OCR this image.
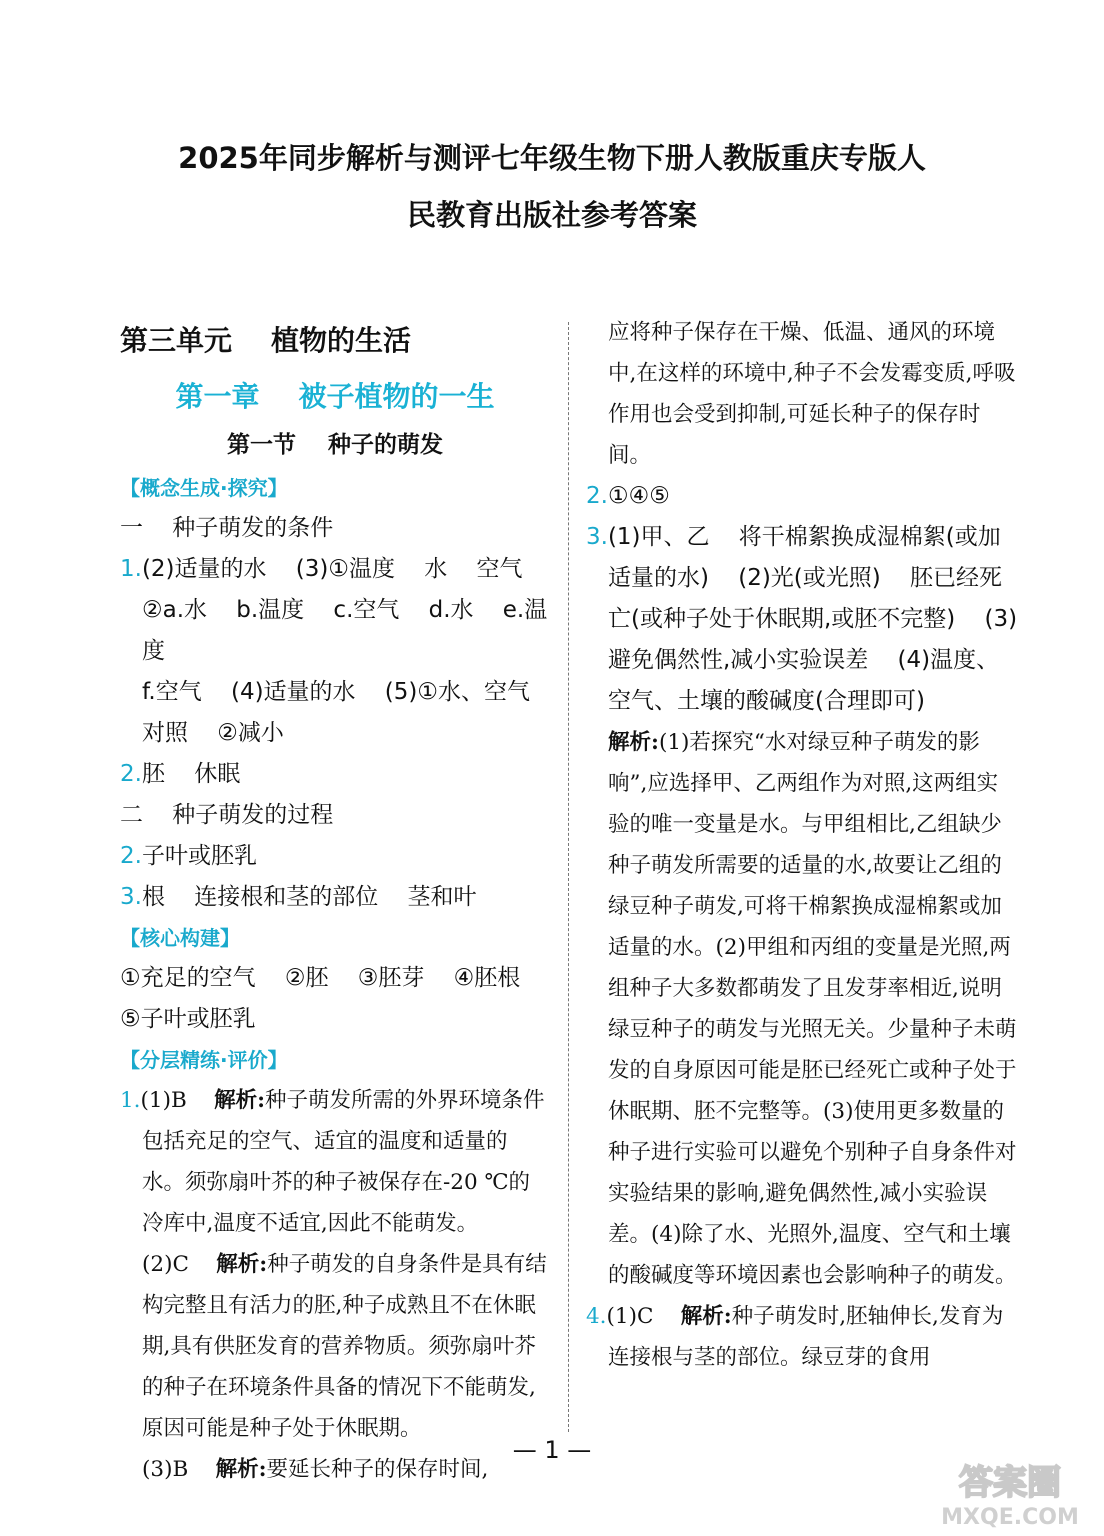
2025年同步解析与测评七年级生物下册人教版重庆专版人
民教育出版社参考答案
第三单元    植物的生活
第一章    被子植物的一生
第一节    种子的萌发
【概念生成·探究】
一    种子萌发的条件
1.(2)适量的水    (3)①温度    水    空气
②a.水    b.温度    c.空气    d.水    e.温度
f.空气    (4)适量的水    (5)①水、空气
对照    ②减小
2.胚    休眠
二    种子萌发的过程
2.子叶或胚乳
3.根    连接根和茎的部位    茎和叶
【核心构建】
①充足的空气    ②胚    ③胚芽    ④胚根
⑤子叶或胚乳
【分层精练·评价】
1.(1)B    解析:种子萌发所需的外界环境条件包括充足的空气、适宜的温度和适量的水。须弥扇叶芥的种子被保存在-20 ℃的冷库中,温度不适宜,因此不能萌发。
(2)C    解析:种子萌发的自身条件是具有结构完整且有活力的胚,种子成熟且不在休眠期,具有供胚发育的营养物质。须弥扇叶芥的种子在环境条件具备的情况下不能萌发,原因可能是种子处于休眠期。
(3)B    解析:要延长种子的保存时间,
应将种子保存在干燥、低温、通风的环境中,在这样的环境中,种子不会发霉变质,呼吸作用也会受到抑制,可延长种子的保存时间。
2.①④⑤
3.(1)甲、乙    将干棉絮换成湿棉絮(或加适量的水)    (2)光(或光照)    胚已经死亡(或种子处于休眠期,或胚不完整)    (3)避免偶然性,减小实验误差    (4)温度、空气、土壤的酸碱度(合理即可)
解析:(1)若探究“水对绿豆种子萌发的影响”,应选择甲、乙两组作为对照,这两组实验的唯一变量是水。与甲组相比,乙组缺少种子萌发所需要的适量的水,故要让乙组的绿豆种子萌发,可将干棉絮换成湿棉絮或加适量的水。(2)甲组和丙组的变量是光照,两组种子大多数都萌发了且发芽率相近,说明绿豆种子的萌发与光照无关。少量种子未萌发的自身原因可能是胚已经死亡或种子处于休眠期、胚不完整等。(3)使用更多数量的种子进行实验可以避免个别种子自身条件对实验结果的影响,避免偶然性,减小实验误差。(4)除了水、光照外,温度、空气和土壤的酸碱度等环境因素也会影响种子的萌发。
4.(1)C    解析:种子萌发时,胚轴伸长,发育为连接根与茎的部位。绿豆芽的食用
— 1 —
答案圈
MXQE.COM
